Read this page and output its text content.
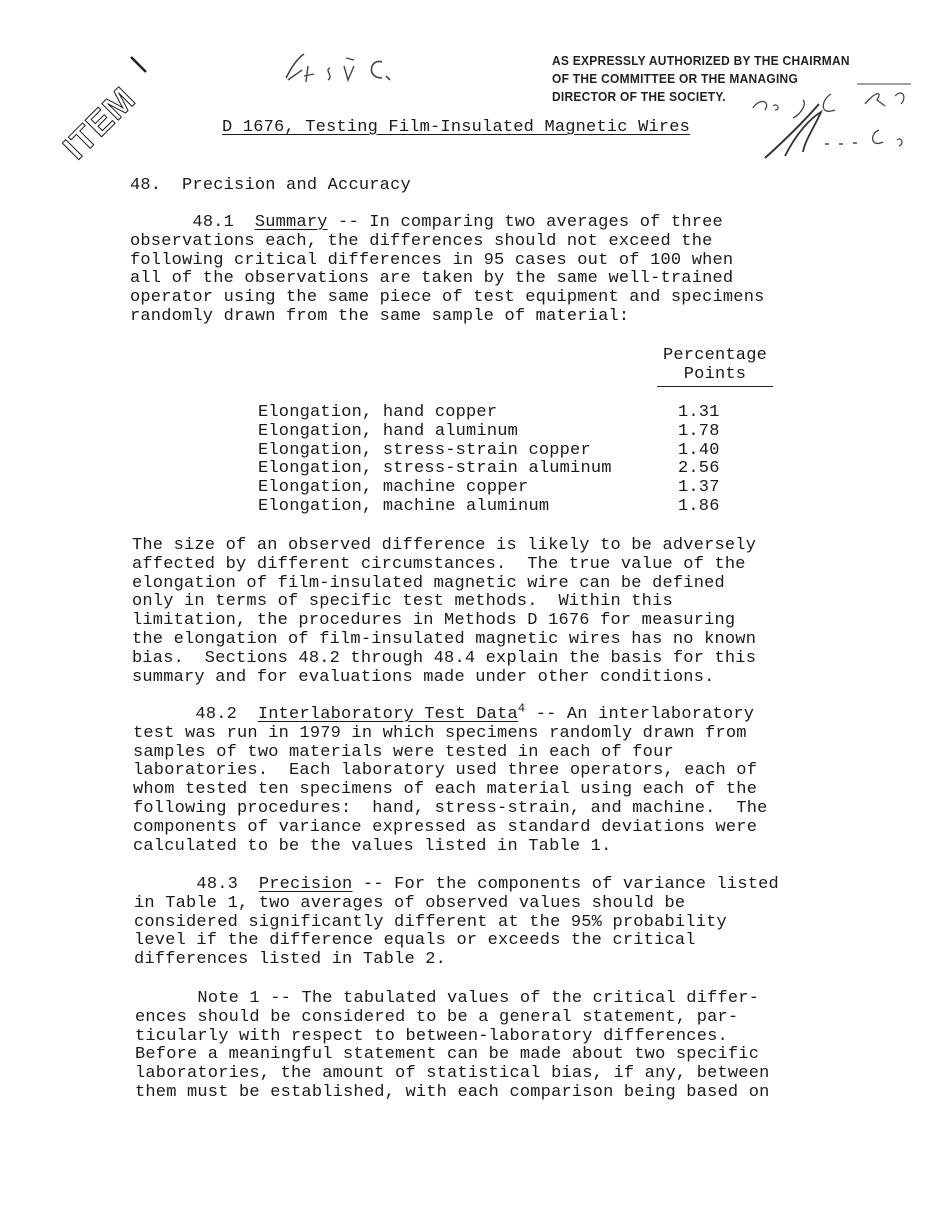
ITEM
AS EXPRESSLY AUTHORIZED BY THE CHAIRMAN
OF THE COMMITTEE OR THE MANAGING
DIRECTOR OF THE SOCIETY.
D 1676, Testing Film-Insulated Magnetic Wires
48. Precision and Accuracy

48.1 Summary -- In comparing two averages of three

observations each, the differences should not exceed the

following critical differences in 95 cases out of 100 when

all of the observations are taken by the same well-trained

operator using the same piece of test equipment and specimens

randomly drawn from the same sample of material:

Percentage
Points
Elongation, hand copper	1.31
Elongation, hand aluminum	1.78
Elongation, stress-strain copper	1.40
Elongation, stress-strain aluminum	2.56
Elongation, machine copper	1.37
Elongation, machine aluminum	1.86

The size of an observed difference is likely to be adversely

affected by different circumstances.  The true value of the

elongation of film-insulated magnetic wire can be defined

only in terms of specific test methods.  Within this

limitation, the procedures in Methods D 1676 for measuring

the elongation of film-insulated magnetic wires has no known

bias.  Sections 48.2 through 48.4 explain the basis for this

summary and for evaluations made under other conditions.

48.2 Interlaboratory Test Data$^4$ -- An interlaboratory

test was run in 1979 in which specimens randomly drawn from

samples of two materials were tested in each of four

laboratories.  Each laboratory used three operators, each of

whom tested ten specimens of each material using each of the

following procedures:  hand, stress-strain, and machine.  The

components of variance expressed as standard deviations were

calculated to be the values listed in Table 1.

48.3 Precision -- For the components of variance listed

in Table 1, two averages of observed values should be

considered significantly different at the 95% probability

level if the difference equals or exceeds the critical

differences listed in Table 2.

Note 1 -- The tabulated values of the critical differ-

ences should be considered to be a general statement, par-

ticularly with respect to between-laboratory differences.

Before a meaningful statement can be made about two specific

laboratories, the amount of statistical bias, if any, between

them must be established, with each comparison being based on
